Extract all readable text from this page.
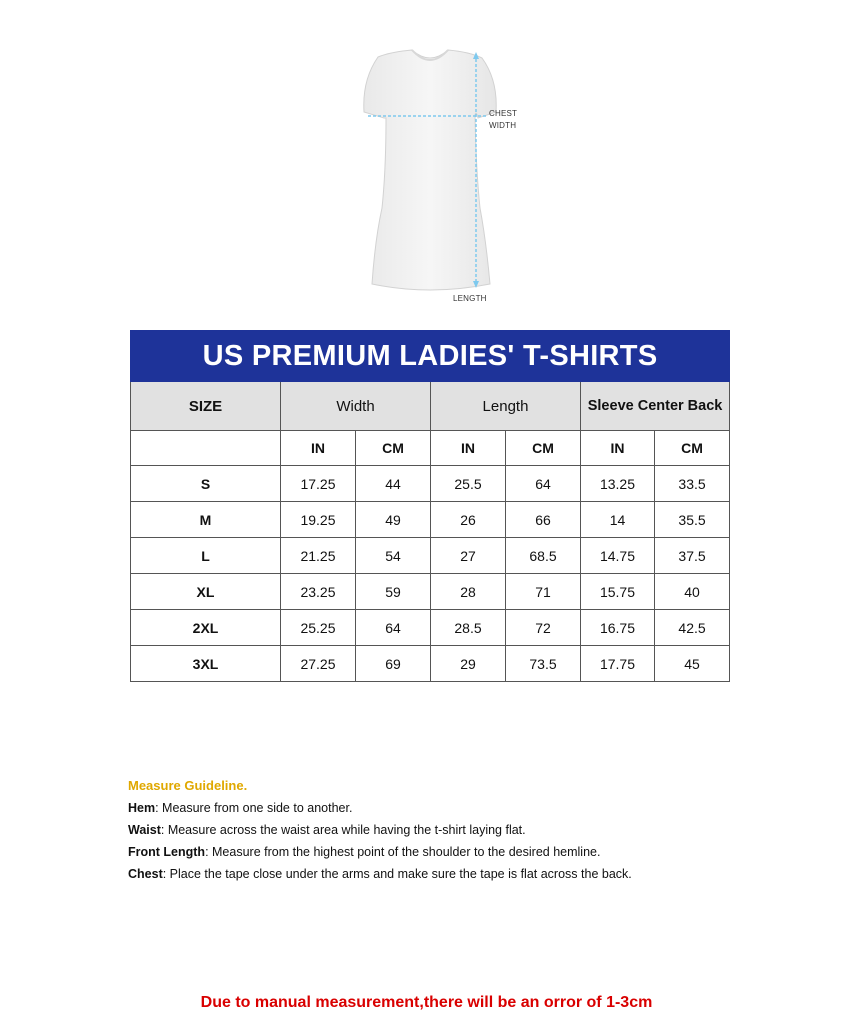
CHEST WIDTH
LENGTH
US PREMIUM LADIES' T-SHIRTS						
SIZE	Width		Length		Sleeve Center Back	
	IN	CM	IN	CM	IN	CM
S	17.25	44	25.5	64	13.25	33.5
M	19.25	49	26	66	14	35.5
L	21.25	54	27	68.5	14.75	37.5
XL	23.25	59	28	71	15.75	40
2XL	25.25	64	28.5	72	16.75	42.5
3XL	27.25	69	29	73.5	17.75	45
Measure Guideline.
Hem: Measure from one side to another.
Waist: Measure across the waist area while having the t-shirt laying flat.
Front Length: Measure from the highest point of the shoulder to the desired hemline.
Chest: Place the tape close under the arms and make sure the tape is flat across the back.
Due to manual measurement,there will be an orror of 1-3cm
